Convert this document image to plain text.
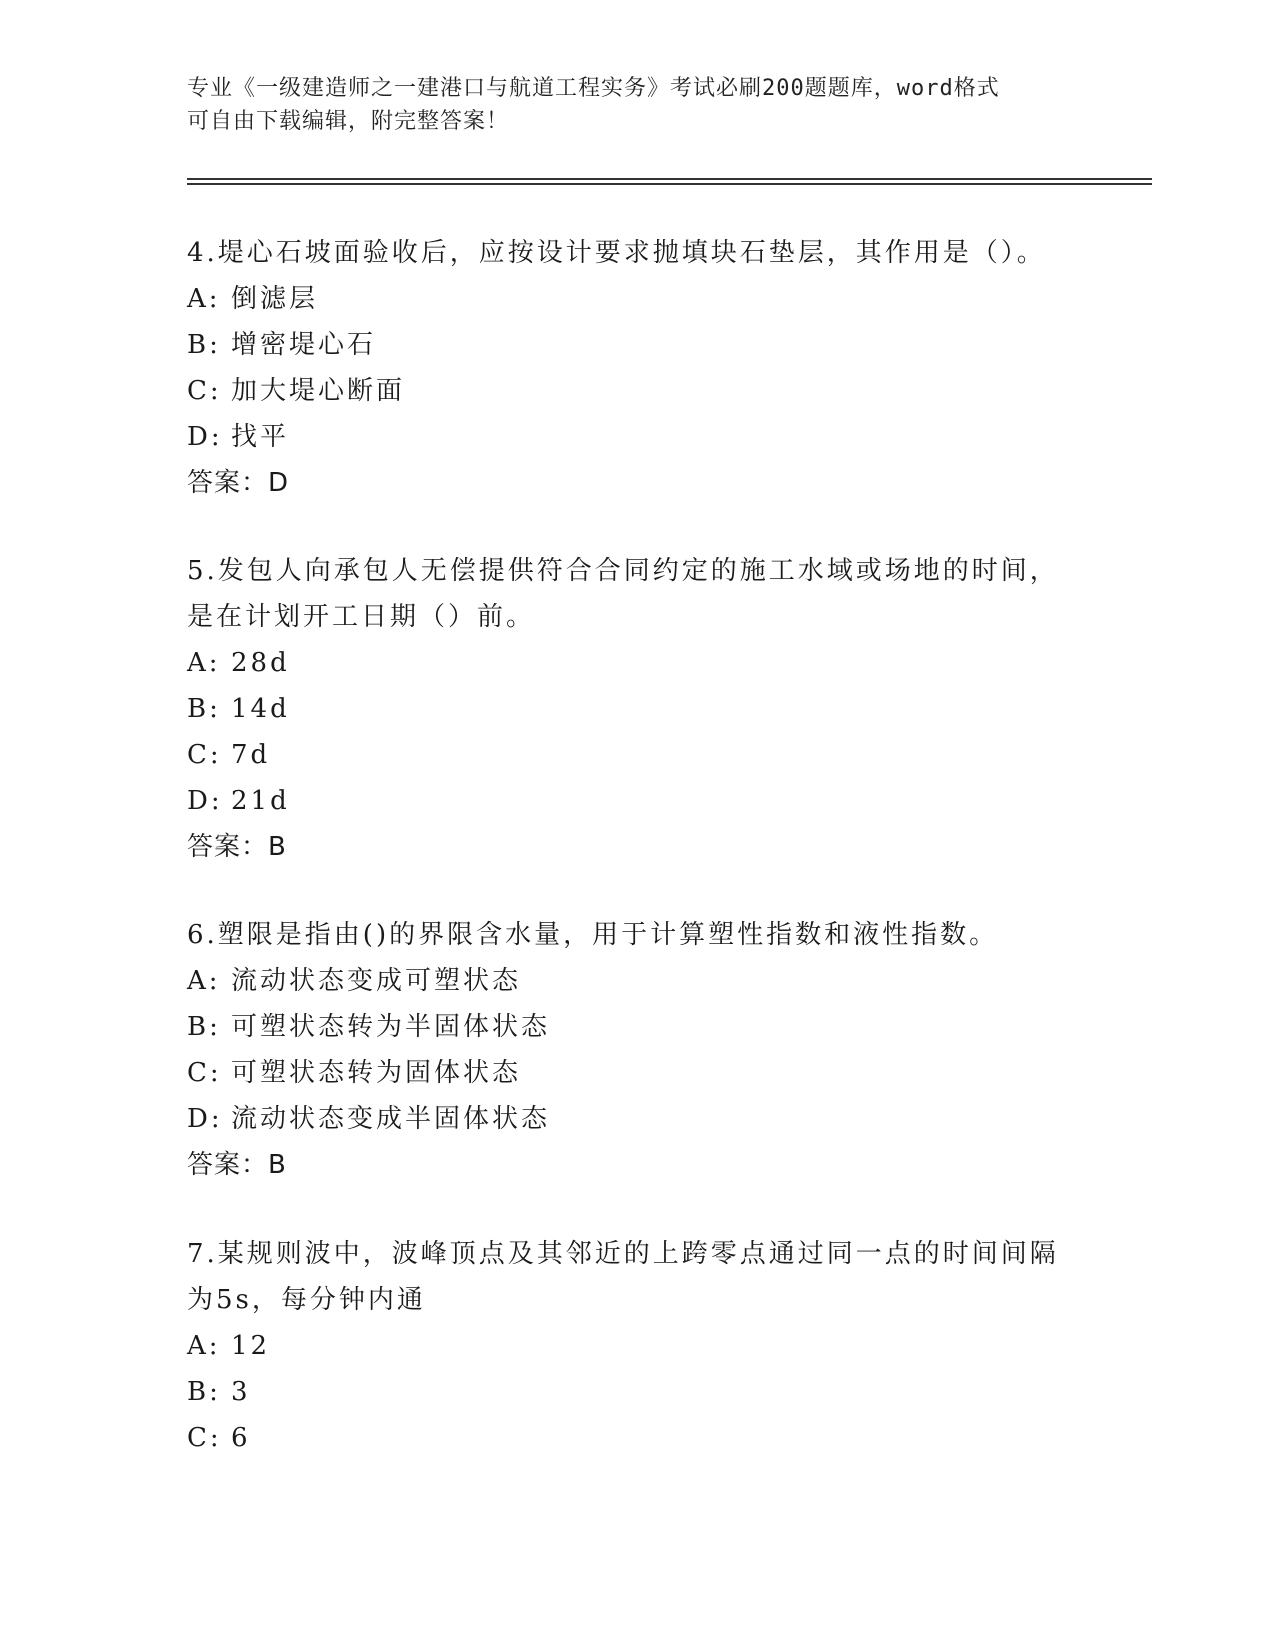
专业《一级建造师之一建港口与航道工程实务》考试必刷200题题库，word格式
可自由下载编辑，附完整答案！
4.堤心石坡面验收后，应按设计要求抛填块石垫层，其作用是（）。
A: 倒滤层
B: 增密堤心石
C: 加大堤心断面
D: 找平
答案：D
5.发包人向承包人无偿提供符合合同约定的施工水域或场地的时间，
是在计划开工日期（）前。
A: 28d
B: 14d
C: 7d
D: 21d
答案：B
6.塑限是指由()的界限含水量，用于计算塑性指数和液性指数。
A: 流动状态变成可塑状态
B: 可塑状态转为半固体状态
C: 可塑状态转为固体状态
D: 流动状态变成半固体状态
答案：B
7.某规则波中，波峰顶点及其邻近的上跨零点通过同一点的时间间隔
为5s，每分钟内通
A: 12
B: 3
C: 6
